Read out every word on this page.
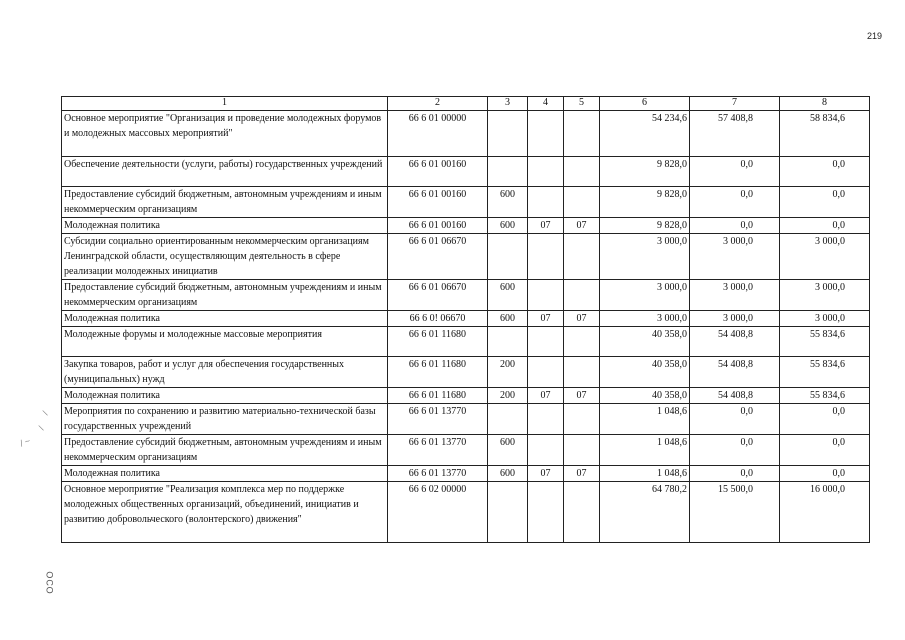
219
/
/
/ ~
ОСО
1	2	3	4	5	6	7	8
Основное мероприятие "Организация и проведение молодежных форумов и молодежных массовых мероприятий"	66 6 01 00000				54 234,6	57 408,8	58 834,6
Обеспечение деятельности (услуги, работы) государственных учреждений	66 6 01 00160				9 828,0	0,0	0,0
Предоставление субсидий бюджетным, автономным учреждениям и иным некоммерческим организациям	66 6 01 00160	600			9 828,0	0,0	0,0
Молодежная политика	66 6 01 00160	600	07	07	9 828,0	0,0	0,0
Субсидии социально ориентированным некоммерческим организациям Ленинградской области, осуществляющим деятельность в сфере реализации молодежных инициатив	66 6 01 06670				3 000,0	3 000,0	3 000,0
Предоставление субсидий бюджетным, автономным учреждениям и иным некоммерческим организациям	66 6 01 06670	600			3 000,0	3 000,0	3 000,0
Молодежная политика	66 6 0! 06670	600	07	07	3 000,0	3 000,0	3 000,0
Молодежные форумы и молодежные массовые мероприятия	66 6 01 11680				40 358,0	54 408,8	55 834,6
Закупка товаров, работ и услуг для обеспечения государственных (муниципальных) нужд	66 6 01 11680	200			40 358,0	54 408,8	55 834,6
Молодежная политика	66 6 01 11680	200	07	07	40 358,0	54 408,8	55 834,6
Мероприятия по сохранению и развитию материально-технической базы государственных учреждений	66 6 01 13770				1 048,6	0,0	0,0
Предоставление субсидий бюджетным, автономным учреждениям и иным некоммерческим организациям	66 6 01 13770	600			1 048,6	0,0	0,0
Молодежная политика	66 6 01 13770	600	07	07	1 048,6	0,0	0,0
Основное мероприятие "Реализация комплекса мер по поддержке молодежных общественных организаций, объединений, инициатив и развитию добровольческого (волонтерского) движения"	66 6 02 00000				64 780,2	15 500,0	16 000,0
